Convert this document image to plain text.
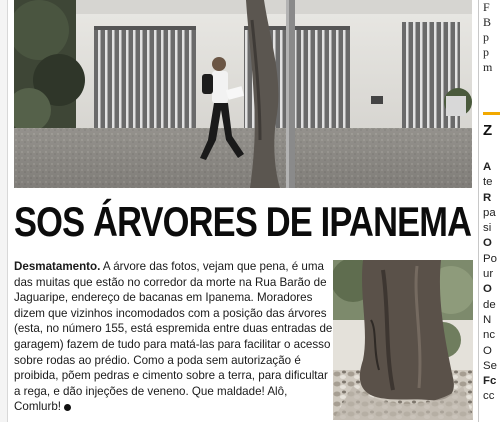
SOS ÁRVORES DE IPANEMA

Desmatamento. A árvore das fotos, vejam que pena, é uma das muitas que estão no corredor da morte na Rua Barão de Jaguaripe, endereço de bacanas em Ipanema. Moradores dizem que vizinhos incomodados com a posição das árvores (esta, no número 155, está espremida entre duas entradas de garagem) fazem de tudo para matá-las para facilitar o acesso sobre rodas ao prédio. Como a poda sem autorização é proibida, põem pedras e cimento sobre a terra, para dificultar a rega, e dão injeções de veneno. Que maldade! Alô, Comlurb!

F
B
p
p
m
Z
A
te
R
pa
si
O
Po
ur
O
de
N
nc
O
Se
Fc
cc
